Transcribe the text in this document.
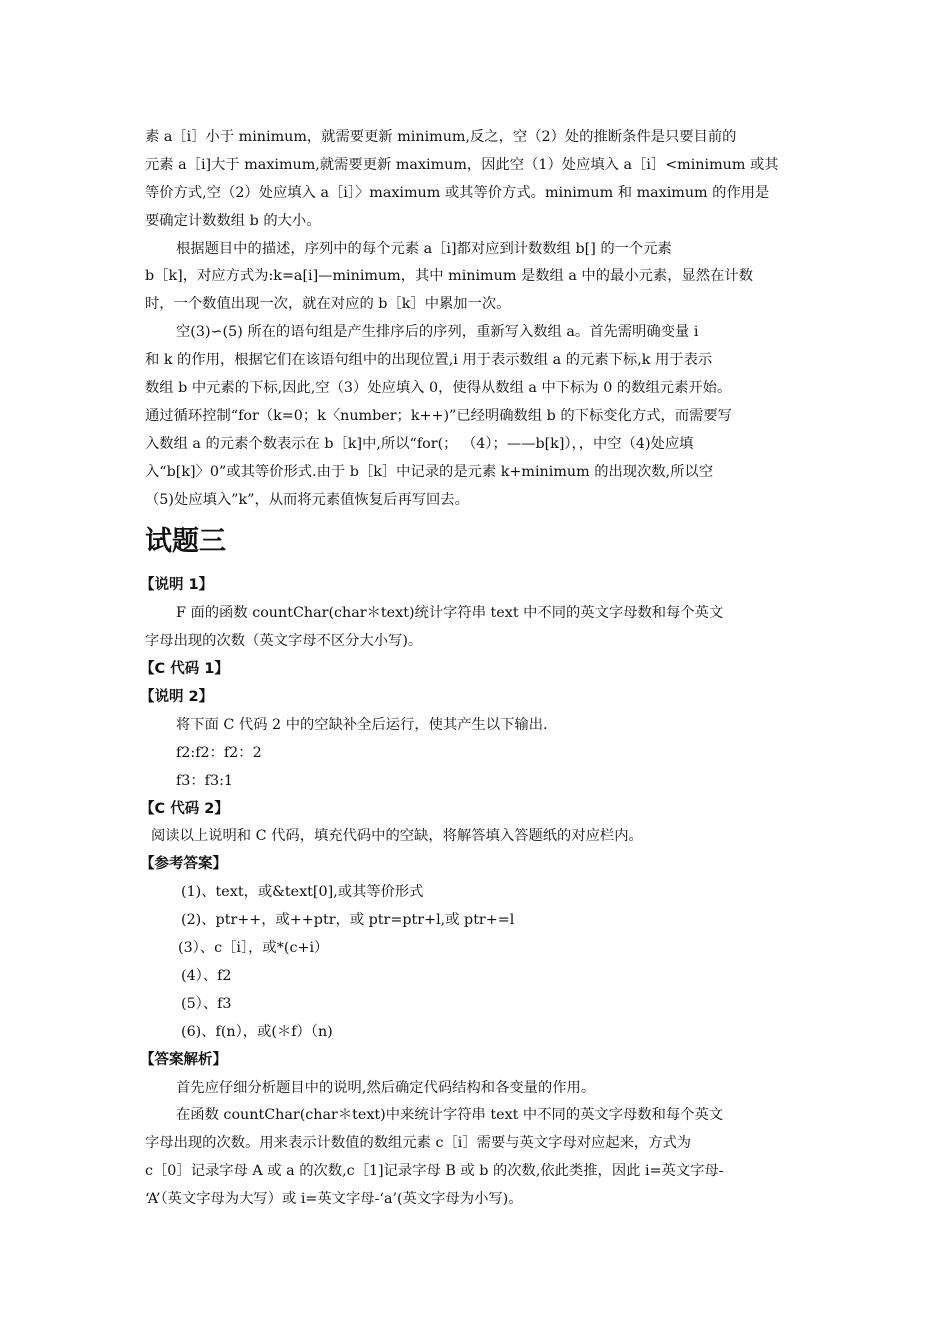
素 a［i］小于 minimum，就需要更新 minimum,反之，空（2）处的推断条件是只要目前的
元素 a［i]大于 maximum,就需要更新 maximum，因此空（1）处应填入 a［i］<minimum 或其
等价方式,空（2）处应填入 a［i］〉maximum 或其等价方式。minimum 和 maximum 的作用是
要确定计数数组 b 的大小。
根据题目中的描述，序列中的每个元素 a［i]都对应到计数数组 b[] 的一个元素
b［k]，对应方式为:k=a[i]—minimum，其中 minimum 是数组 a 中的最小元素，显然在计数
时，一个数值出现一次，就在对应的 b［k］中累加一次。
空(3)∽(5) 所在的语句组是产生排序后的序列，重新写入数组 a。首先需明确变量 i
和 k 的作用，根据它们在该语句组中的出现位置,i 用于表示数组 a 的元素下标,k 用于表示
数组 b 中元素的下标,因此,空（3）处应填入 0，使得从数组 a 中下标为 0 的数组元素开始。
通过循环控制“for（k=0；k〈number；k++)”已经明确数组 b 的下标变化方式，而需要写
入数组 a 的元素个数表示在 b［k]中,所以“for(； （4）；——b[k]），，中空（4)处应填
入“b[k]〉0”或其等价形式.由于 b［k］中记录的是元素 k+minimum 的出现次数,所以空
（5)处应填入”k”，从而将元素值恢复后再写回去。
试题三
【说明 1】
F 面的函数 countChar(char＊text)统计字符串 text 中不同的英文字母数和每个英文
字母出现的次数（英文字母不区分大小写)。
【C 代码 1】
【说明 2】
将下面 C 代码 2 中的空缺补全后运行，使其产生以下输出.
f2:f2：f2：2
f3：f3:1
【C 代码 2】
阅读以上说明和 C 代码，填充代码中的空缺，将解答填入答题纸的对应栏内。
【参考答案】
(1)、text，或&text[0],或其等价形式
(2)、ptr++，或++ptr，或 ptr=ptr+l,或 ptr+=l
(3）、c［i］，或*(c+i）
(4）、f2
(5）、f3
(6)、f(n），或(＊f）（n)
【答案解析】
首先应仔细分析题目中的说明,然后确定代码结构和各变量的作用。
在函数 countChar(char＊text)中来统计字符串 text 中不同的英文字母数和每个英文
字母出现的次数。用来表示计数值的数组元素 c［i］需要与英文字母对应起来，方式为
c［0］记录字母 A 或 a 的次数,c［1]记录字母 B 或 b 的次数,依此类推，因此 i=英文字母-
‘A’（英文字母为大写）或 i=英文字母-‘a’(英文字母为小写)。
